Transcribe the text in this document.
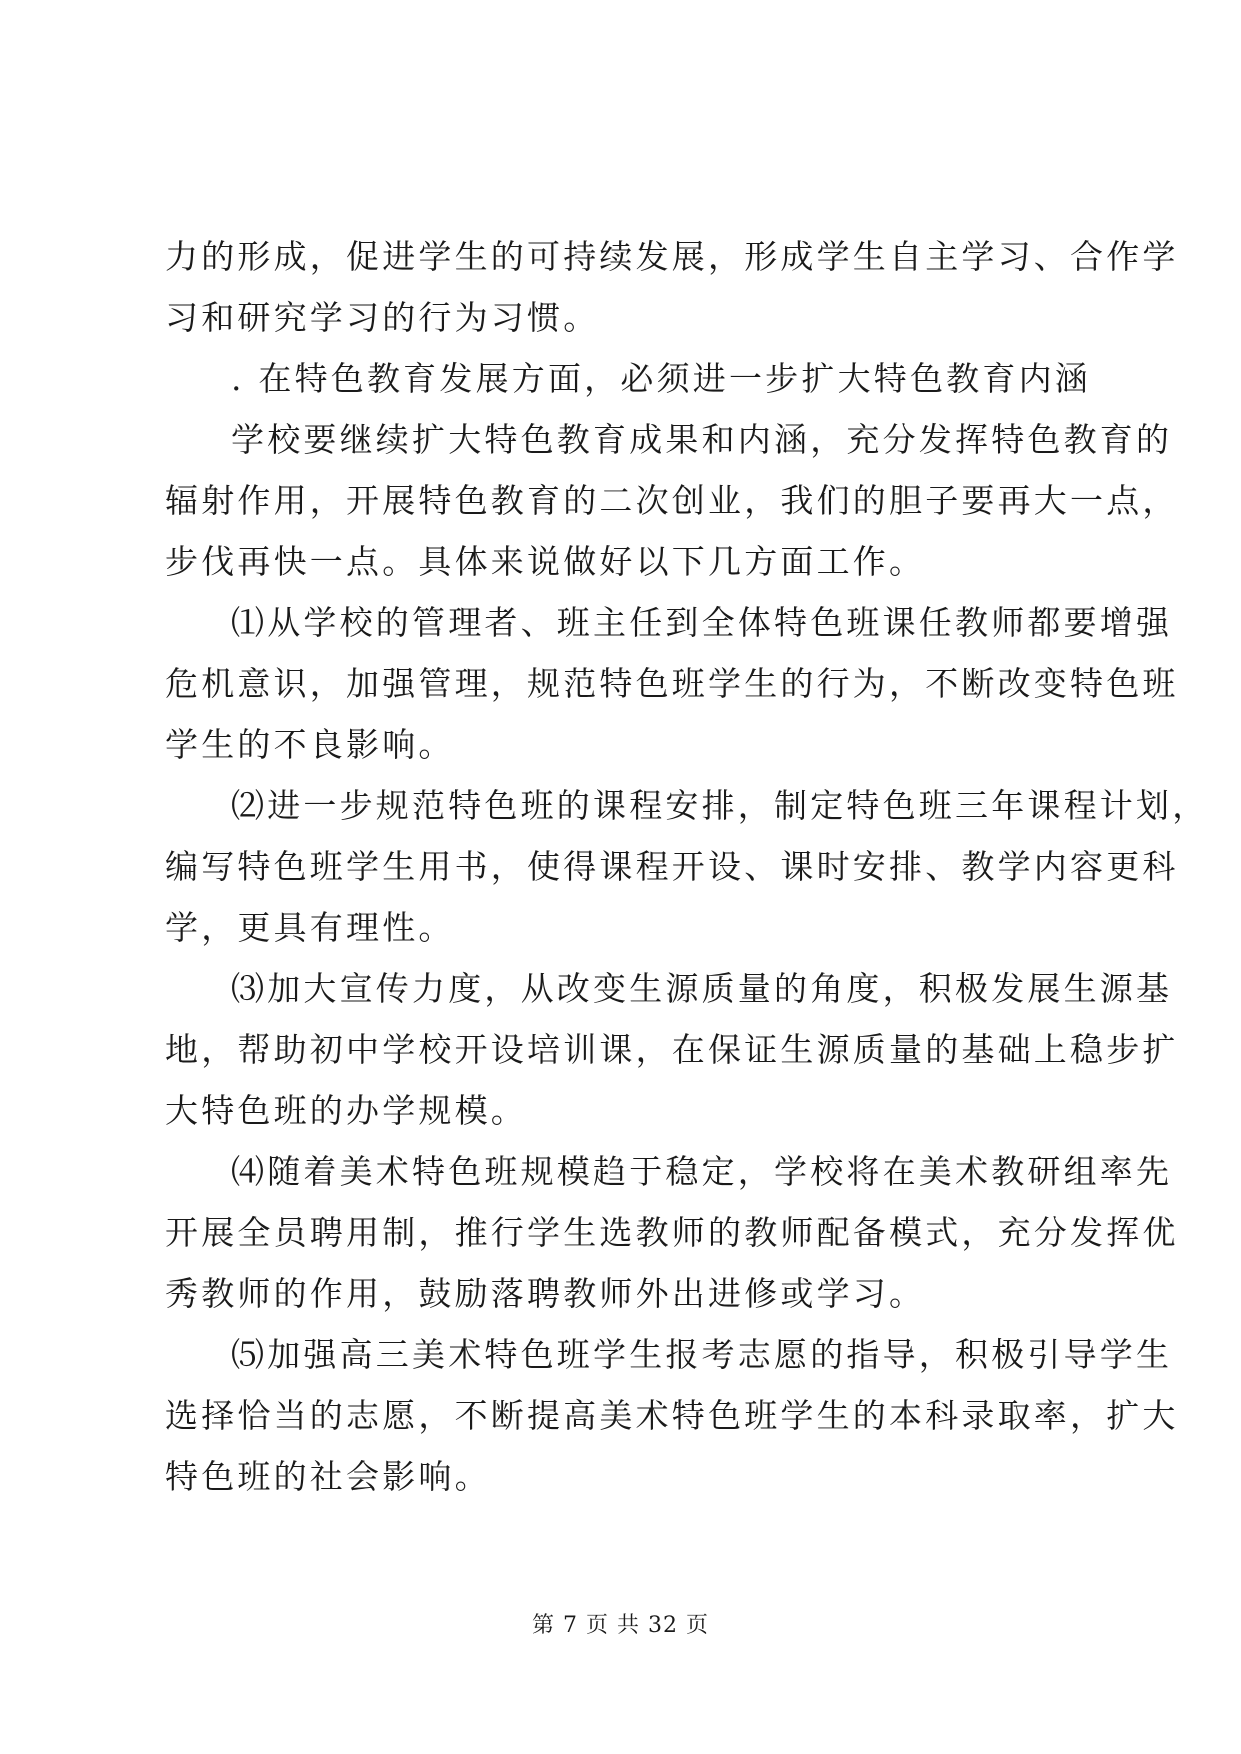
力的形成，促进学生的可持续发展，形成学生自主学习、合作学
习和研究学习的行为习惯。
. 在特色教育发展方面，必须进一步扩大特色教育内涵
学校要继续扩大特色教育成果和内涵，充分发挥特色教育的
辐射作用，开展特色教育的二次创业，我们的胆子要再大一点，
步伐再快一点。具体来说做好以下几方面工作。
⑴从学校的管理者、班主任到全体特色班课任教师都要增强
危机意识，加强管理，规范特色班学生的行为，不断改变特色班
学生的不良影响。
⑵进一步规范特色班的课程安排，制定特色班三年课程计划，
编写特色班学生用书，使得课程开设、课时安排、教学内容更科
学，更具有理性。
⑶加大宣传力度，从改变生源质量的角度，积极发展生源基
地，帮助初中学校开设培训课，在保证生源质量的基础上稳步扩
大特色班的办学规模。
⑷随着美术特色班规模趋于稳定，学校将在美术教研组率先
开展全员聘用制，推行学生选教师的教师配备模式，充分发挥优
秀教师的作用，鼓励落聘教师外出进修或学习。
⑸加强高三美术特色班学生报考志愿的指导，积极引导学生
选择恰当的志愿，不断提高美术特色班学生的本科录取率，扩大
特色班的社会影响。
第 7 页 共 32 页
